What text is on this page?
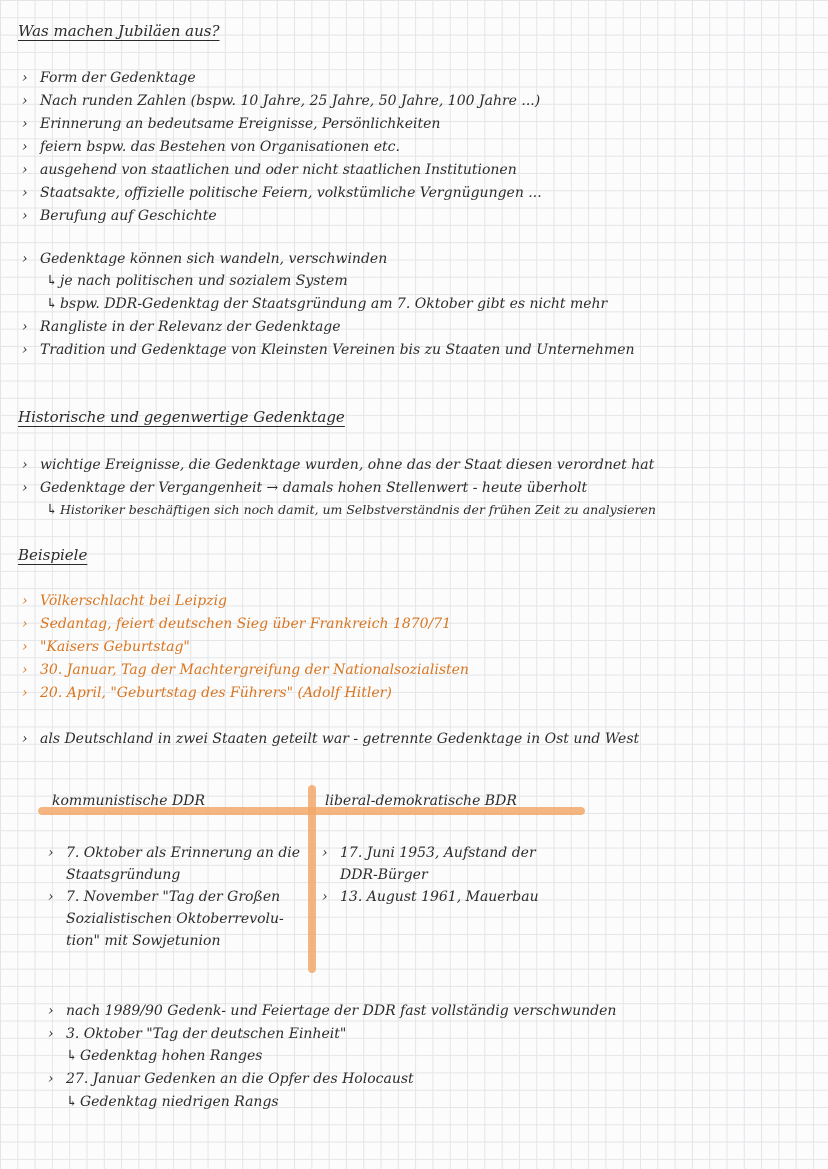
Was machen Jubiläen aus?
› Form der Gedenktage
› Nach runden Zahlen (bspw. 10 Jahre, 25 Jahre, 50 Jahre, 100 Jahre ...)
› Erinnerung an bedeutsame Ereignisse, Persönlichkeiten
› feiern bspw. das Bestehen von Organisationen etc.
› ausgehend von staatlichen und oder nicht staatlichen Institutionen
› Staatsakte, offizielle politische Feiern, volkstümliche Vergnügungen ...
› Berufung auf Geschichte
› Gedenktage können sich wandeln, verschwinden
↳ je nach politischen und sozialem System
↳ bspw. DDR-Gedenktag der Staatsgründung am 7. Oktober gibt es nicht mehr
› Rangliste in der Relevanz der Gedenktage
› Tradition und Gedenktage von Kleinsten Vereinen bis zu Staaten und Unternehmen
Historische und gegenwertige Gedenktage
› wichtige Ereignisse, die Gedenktage wurden, ohne das der Staat diesen verordnet hat
› Gedenktage der Vergangenheit → damals hohen Stellenwert - heute überholt
↳ Historiker beschäftigen sich noch damit, um Selbstverständnis der frühen Zeit zu analysieren
Beispiele
› Völkerschlacht bei Leipzig
› Sedantag, feiert deutschen Sieg über Frankreich 1870/71
› "Kaisers Geburtstag"
› 30. Januar, Tag der Machtergreifung der Nationalsozialisten
› 20. April, "Geburtstag des Führers" (Adolf Hitler)
› als Deutschland in zwei Staaten geteilt war - getrennte Gedenktage in Ost und West
kommunistische DDR	liberal-demokratische BDR
› 7. Oktober als Erinnerung an die
Staatsgründung
› 7. November "Tag der Großen
Sozialistischen Oktoberrevolu-
tion" mit Sowjetunion
› 17. Juni 1953, Aufstand der
DDR-Bürger
› 13. August 1961, Mauerbau
› nach 1989/90 Gedenk- und Feiertage der DDR fast vollständig verschwunden
› 3. Oktober "Tag der deutschen Einheit"
↳ Gedenktag hohen Ranges
› 27. Januar Gedenken an die Opfer des Holocaust
↳ Gedenktag niedrigen Rangs
